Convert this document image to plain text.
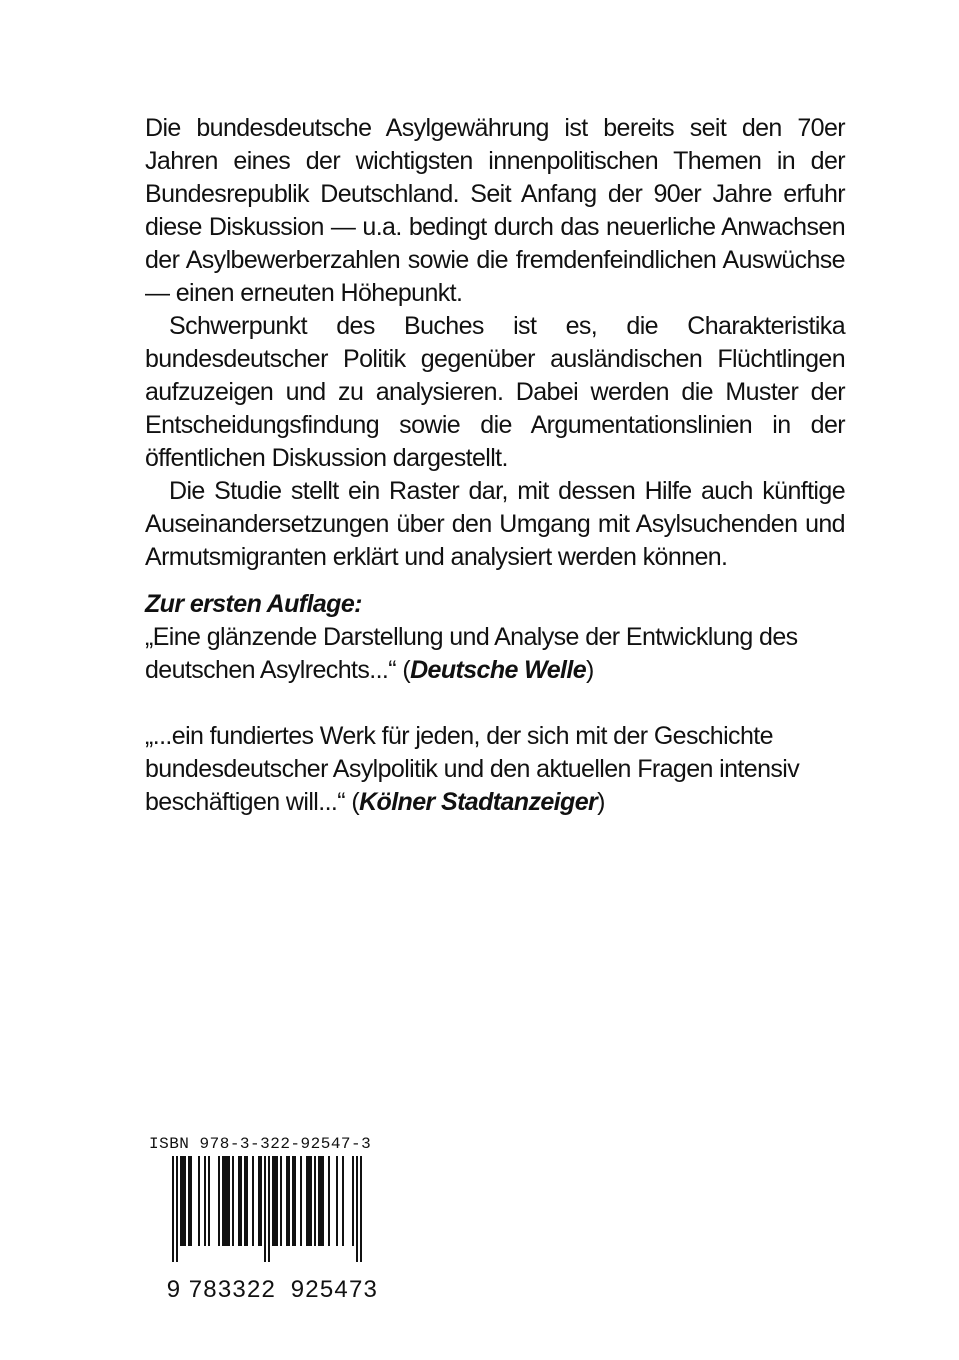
Die bundesdeutsche Asylgewährung ist bereits seit den 70er Jahren eines der wichtigsten innenpolitischen Themen in der Bundesrepublik Deutschland. Seit Anfang der 90er Jahre erfuhr diese Diskussion — u.a. bedingt durch das neuerliche Anwachsen der Asylbewerberzahlen sowie die fremdenfeindlichen Auswüchse — einen erneuten Höhepunkt.

Schwerpunkt des Buches ist es, die Charakteristika bundesdeutscher Politik gegenüber ausländischen Flüchtlingen aufzuzeigen und zu analysieren. Dabei werden die Muster der Entscheidungsfindung sowie die Argumentationslinien in der öffentlichen Diskussion dargestellt.

Die Studie stellt ein Raster dar, mit dessen Hilfe auch künftige Auseinandersetzungen über den Umgang mit Asylsuchenden und Armutsmigranten erklärt und analysiert werden können.

Zur ersten Auflage:

„Eine glänzende Darstellung und Analyse der Entwicklung des deutschen Asylrechts...“ (Deutsche Welle)

„...ein fundiertes Werk für jeden, der sich mit der Geschichte bundesdeutscher Asylpolitik und den aktuellen Fragen intensiv beschäftigen will...“ (Kölner Stadtanzeiger)

ISBN 978-3-322-92547-3

9 783322 925473
